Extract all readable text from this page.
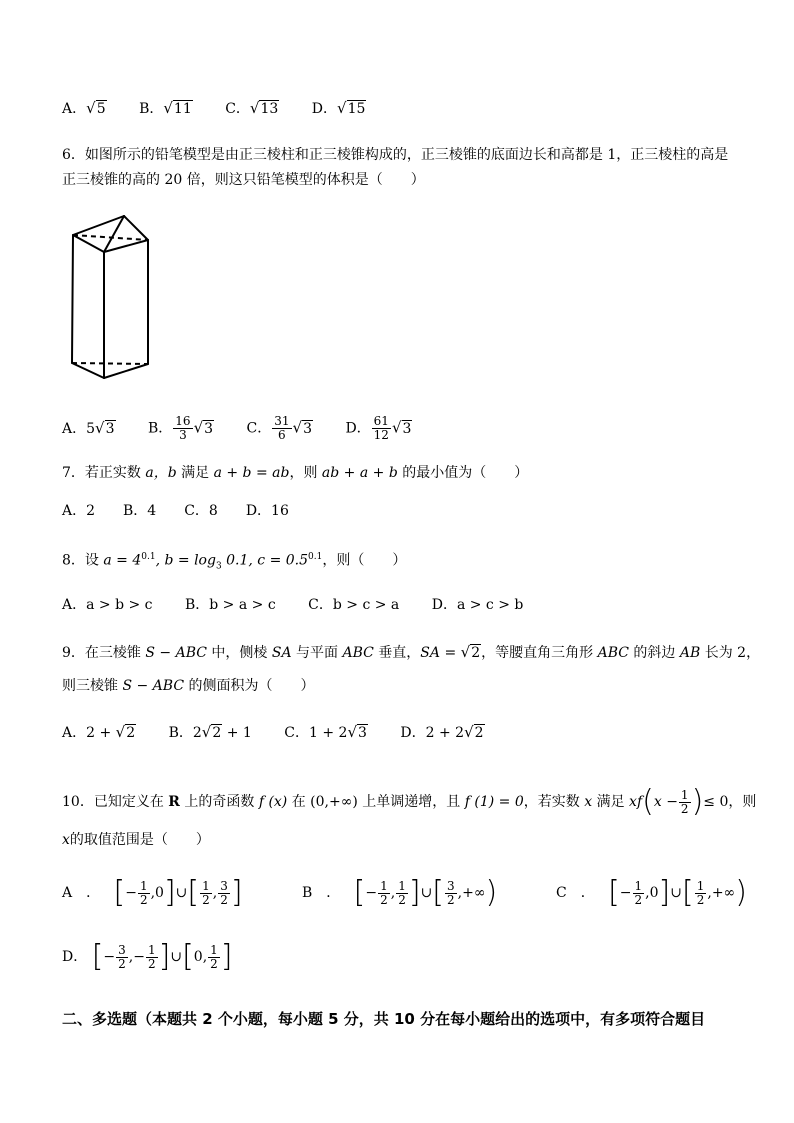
A．√5 B．√11 C．√13 D．√15
6．如图所示的铅笔模型是由正三棱柱和正三棱锥构成的，正三棱锥的底面边长和高都是 1，正三棱柱的高是
正三棱锥的高的 20 倍，则这只铅笔模型的体积是（　　）
A．5√3 B． $\frac{16}{3} √3$ C． $\frac{31}{6} √3$ D． $\frac{61}{12} √3$
7．若正实数 a，b 满足 a + b = ab，则 ab + a + b 的最小值为（　　）
A．2　　B．4　　C．8　　D．16
8．设 $a = 4^{0.1}$, $b = \log_3 0.1$, $c = 0.5^{0.1}$，则（　　）
A．a > b > c B．b > a > c C．b > c > a D．a > c > b
9．在三棱锥 S − ABC 中，侧棱 SA 与平面 ABC 垂直，SA = √2，等腰直角三角形 ABC 的斜边 AB 长为 2，
则三棱锥 S − ABC 的侧面积为（　　）
A．2 + √2 B．2√2 + 1 C．1 + 2√3 D．2 + 2√2
10．已知定义在 R 上的奇函数 f (x) 在 (0,+∞) 上单调递增，且 f (1) = 0，若实数 x 满足 $xf(x - \frac{1}{2}$ )≤ 0，则
x的取值范围是（　　）
A　． [− $\frac{1}{2}$ ,0]∪[ $\frac{1}{2}$ , $\frac{3}{2}$ ]	B　． [− $\frac{1}{2}$ , $\frac{1}{2}$ ]∪[ $\frac{3}{2}$ ,+∞)	C　． [− $\frac{1}{2}$ ,0]∪[ $\frac{1}{2}$ ,+∞)
D． [− $\frac{3}{2}$ ,− $\frac{1}{2}$ ]∪[0, $\frac{1}{2}$ ]
二、多选题（本题共 2 个小题，每小题 5 分，共 10 分在每小题给出的选项中，有多项符合题目
